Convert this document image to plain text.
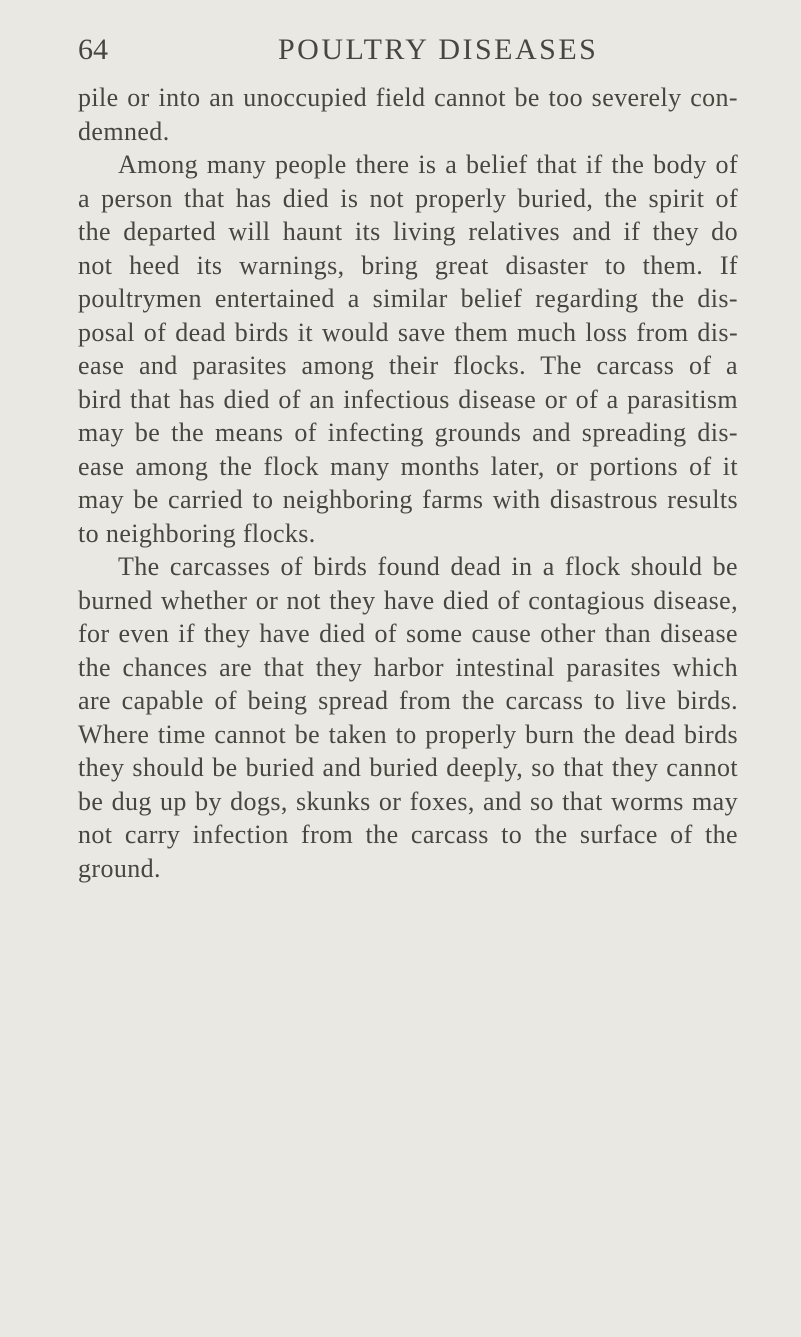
64	POULTRY DISEASES
pile or into an unoccupied field cannot be too severely con-
demned.
Among many people there is a belief that if the body of
a person that has died is not properly buried, the spirit of
the departed will haunt its living relatives and if they do
not heed its warnings, bring great disaster to them. If
poultrymen entertained a similar belief regarding the dis-
posal of dead birds it would save them much loss from dis-
ease and parasites among their flocks. The carcass of a
bird that has died of an infectious disease or of a parasitism
may be the means of infecting grounds and spreading dis-
ease among the flock many months later, or portions of it
may be carried to neighboring farms with disastrous results
to neighboring flocks.
The carcasses of birds found dead in a flock should be
burned whether or not they have died of contagious disease,
for even if they have died of some cause other than disease
the chances are that they harbor intestinal parasites which
are capable of being spread from the carcass to live birds.
Where time cannot be taken to properly burn the dead birds
they should be buried and buried deeply, so that they cannot
be dug up by dogs, skunks or foxes, and so that worms may
not carry infection from the carcass to the surface of the
ground.
